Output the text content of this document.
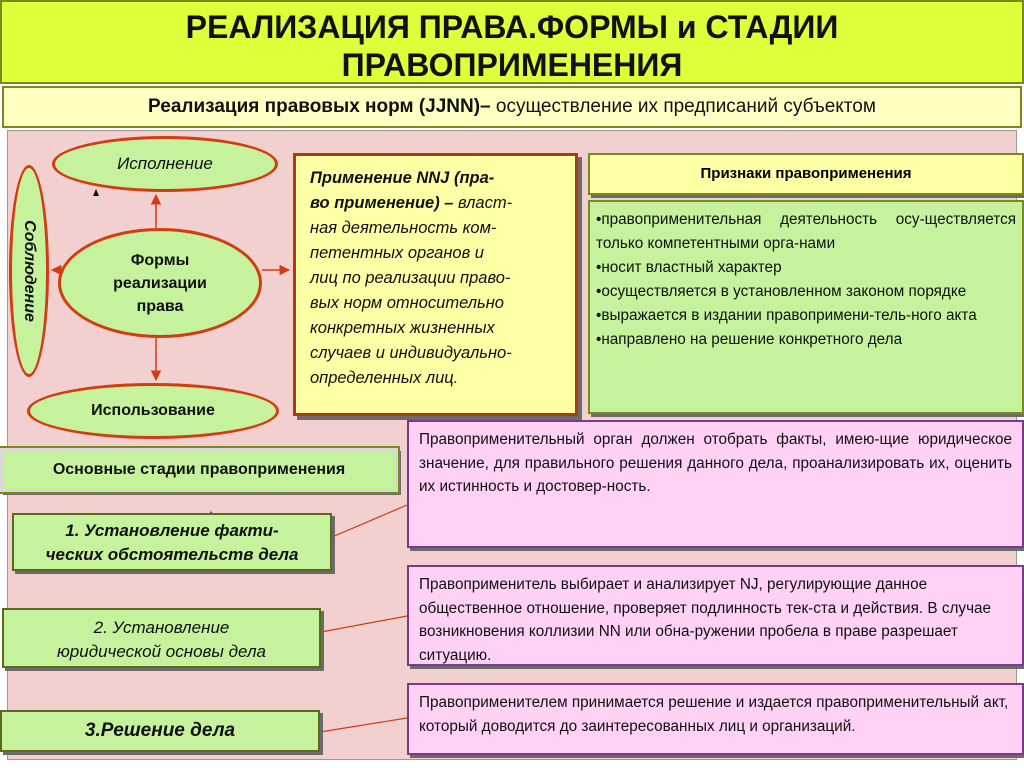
РЕАЛИЗАЦИЯ ПРАВА.ФОРМЫ и СТАДИИ
ПРАВОПРИМЕНЕНИЯ
Реализация правовых норм (JJNN)– осуществление их предписаний субъектом
Исполнение
Формы
реализации
права
Использование
Соблюдение
Применение NNJ (пра-
во применение) – власт-
ная деятельность ком-
петентных органов и
лиц по реализации право-
вых норм относительно
конкретных жизненных
случаев и индивидуально-
определенных лиц.
Признаки правоприменения
•правоприменительная деятельность осу-ществляется только компетентными орга-нами
•носит властный характер
•осуществляется в установленном законом порядке
•выражается в издании правопримени-тель-ного акта
•направлено на решение конкретного дела
Основные стадии правоприменения
1. Установление факти-
ческих обстоятельств дела
2. Установление
юридической основы дела
3.Решение дела
Правоприменительный орган должен отобрать факты, имею-щие юридическое значение, для правильного решения данного дела, проанализировать их, оценить их истинность и достовер-ность.
Правоприменитель выбирает и анализирует NJ, регулирующие данное общественное отношение, проверяет подлинность тек-ста и действия. В случае возникновения коллизии NN или обна-ружении пробела в праве разрешает ситуацию.
Правоприменителем принимается решение и издается правоприменительный акт, который доводится до заинтересованных лиц и организаций.
